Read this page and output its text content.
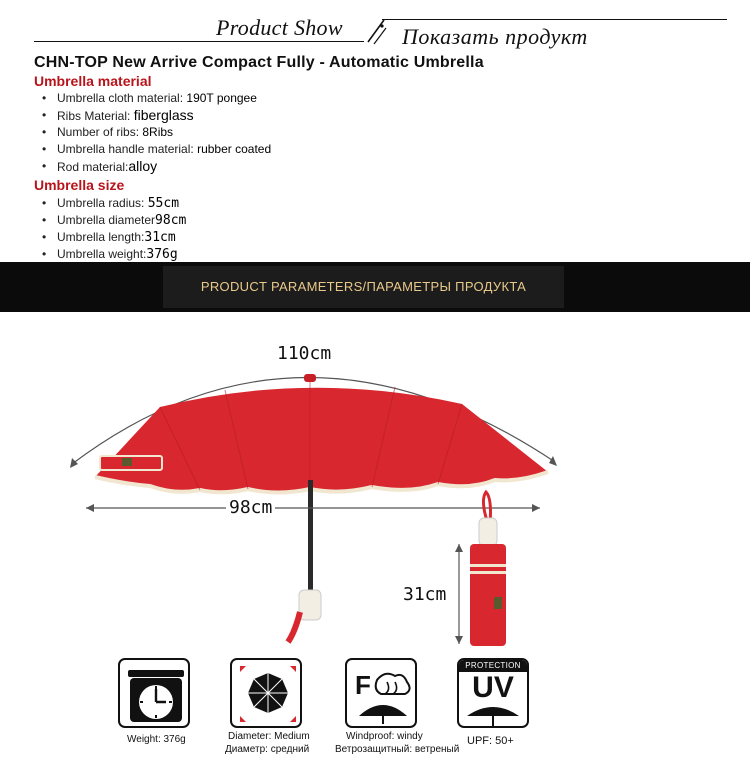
Product Show	Показать продукт
CHN-TOP New Arrive Compact Fully - Automatic Umbrella
Umbrella material
• Umbrella cloth material: 190T pongee
• Ribs Material: fiberglass
• Number of ribs: 8Ribs
• Umbrella handle material: rubber coated
• Rod material:alloy
Umbrella size
• Umbrella radius: 55cm
• Umbrella diameter98cm
• Umbrella length:31cm
• Umbrella weight:376g
PRODUCT PARAMETERS/ПАРАМЕТРЫ ПРОДУКТА
110cm
98cm
31cm
Weight: 376g	Diameter: Medium
Диаметр: средний
F
Windproof: windy
Ветрозащитный: ветреный
PROTECTION
UV
UPF: 50+
